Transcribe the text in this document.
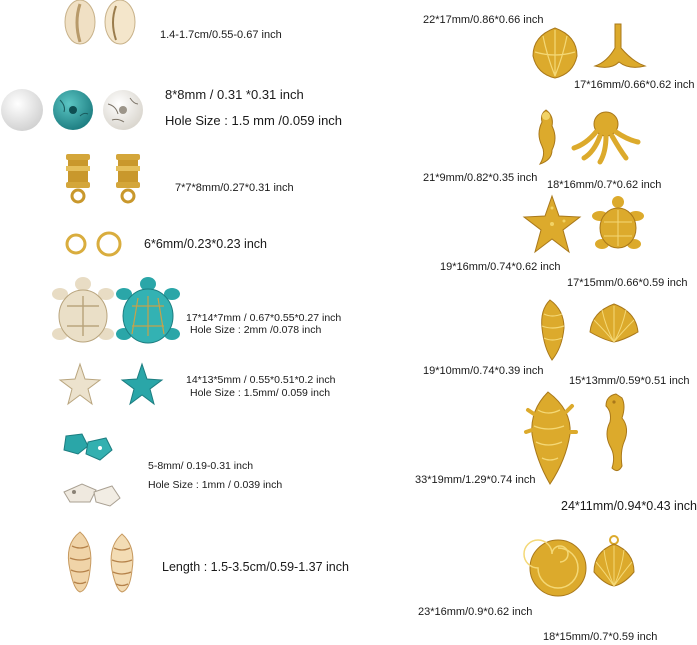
1.4-1.7cm/0.55-0.67 inch
8*8mm / 0.31 *0.31 inch
Hole Size : 1.5 mm /0.059 inch
7*7*8mm/0.27*0.31 inch
6*6mm/0.23*0.23 inch
17*14*7mm / 0.67*0.55*0.27 inch
Hole Size : 2mm /0.078 inch
14*13*5mm / 0.55*0.51*0.2 inch
Hole Size : 1.5mm/ 0.059 inch
5-8mm/ 0.19-0.31 inch
Hole Size : 1mm / 0.039 inch
Length : 1.5-3.5cm/0.59-1.37 inch
22*17mm/0.86*0.66 inch
17*16mm/0.66*0.62 inch
21*9mm/0.82*0.35 inch
18*16mm/0.7*0.62 inch
19*16mm/0.74*0.62 inch
17*15mm/0.66*0.59 inch
19*10mm/0.74*0.39 inch
15*13mm/0.59*0.51 inch
33*19mm/1.29*0.74 inch
24*11mm/0.94*0.43 inch
23*16mm/0.9*0.62 inch
18*15mm/0.7*0.59 inch
